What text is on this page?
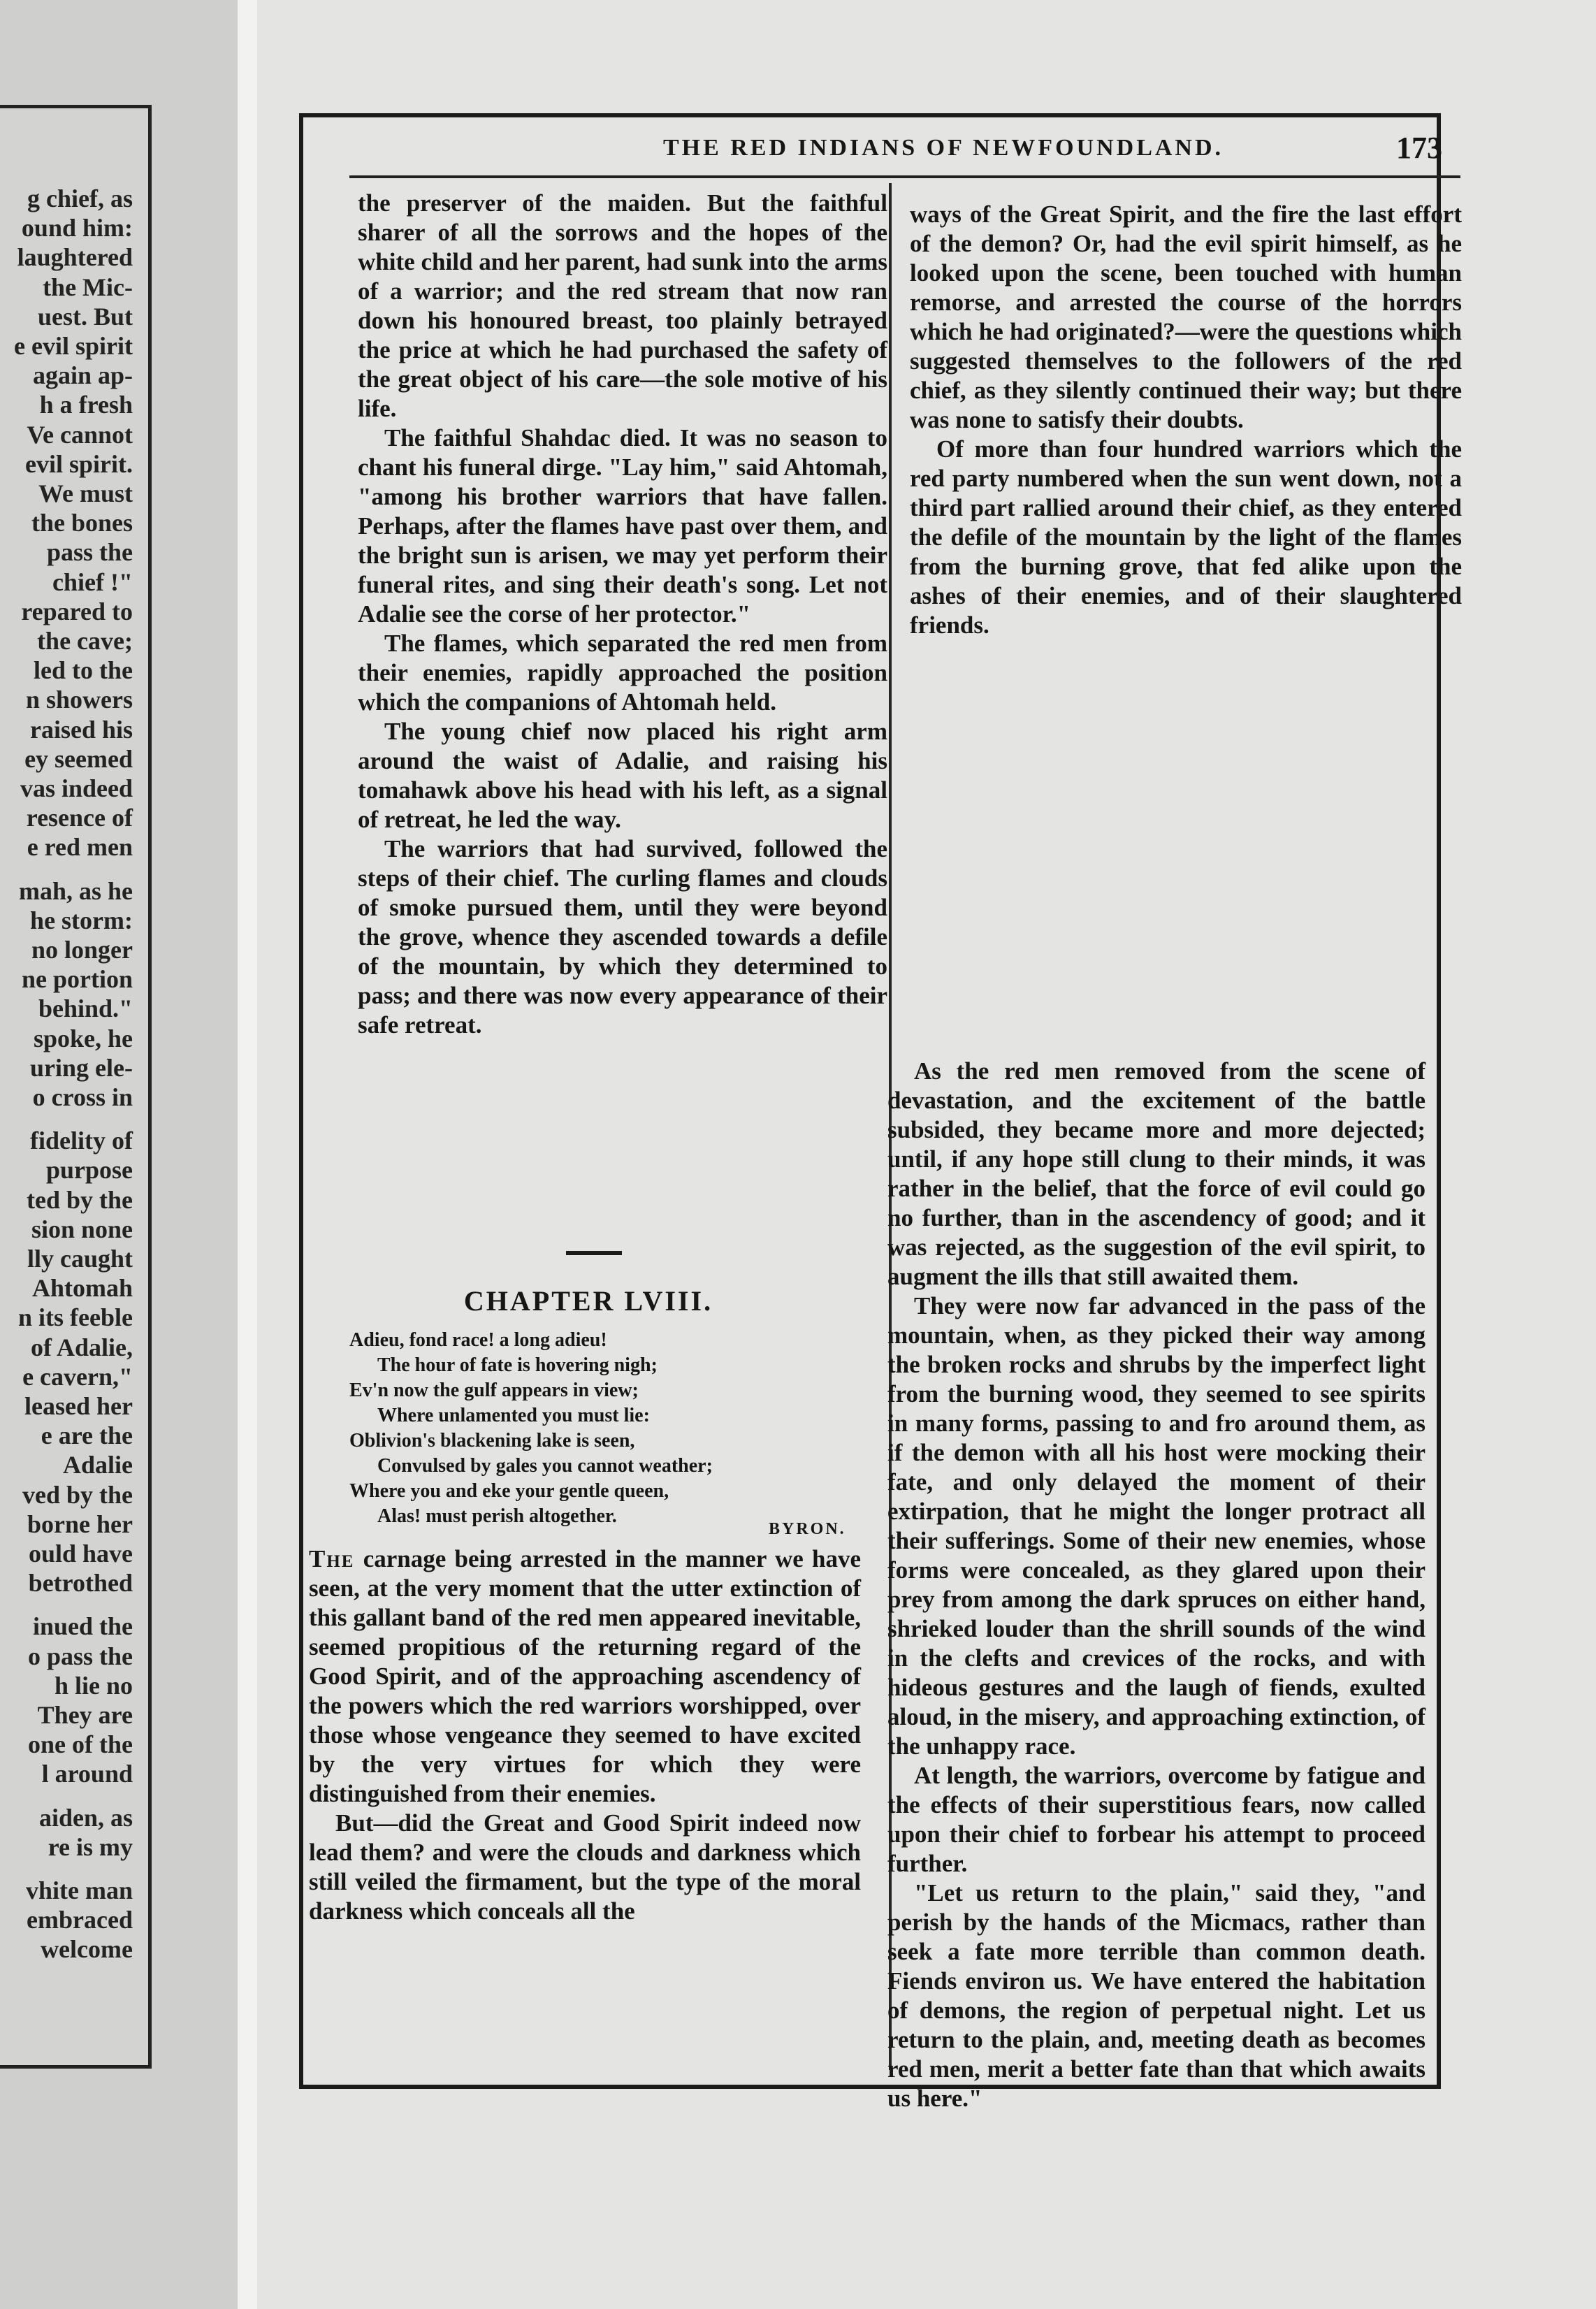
g chief, as
ound him:
laughtered
the Mic-
uest. But
e evil spirit
again ap-
h a fresh
Ve cannot
evil spirit.
We must
the bones
pass the
chief !"
repared to
the cave;
led to the
n showers
raised his
ey seemed
vas indeed
resence of
e red men
mah, as he
he storm:
no longer
ne portion
behind."
spoke, he
uring ele-
o cross in
fidelity of
purpose
ted by the
sion none
lly caught
Ahtomah
n its feeble
of Adalie,
e cavern,"
leased her
e are the
Adalie
ved by the
borne her
ould have
betrothed
inued the
o pass the
h lie no
They are
one of the
l around
aiden, as
re is my
vhite man
embraced
welcome
THE RED INDIANS OF NEWFOUNDLAND.	173

the preserver of the maiden. But the faithful sharer of all the sorrows and the hopes of the white child and her parent, had sunk into the arms of a warrior; and the red stream that now ran down his honoured breast, too plainly betrayed the price at which he had purchased the safety of the great object of his care—the sole motive of his life.

The faithful Shahdac died. It was no season to chant his funeral dirge. "Lay him," said Ahtomah, "among his brother warriors that have fallen. Perhaps, after the flames have past over them, and the bright sun is arisen, we may yet perform their funeral rites, and sing their death's song. Let not Adalie see the corse of her protector."

The flames, which separated the red men from their enemies, rapidly approached the position which the companions of Ahtomah held.

The young chief now placed his right arm around the waist of Adalie, and raising his tomahawk above his head with his left, as a signal of retreat, he led the way.

The warriors that had survived, followed the steps of their chief. The curling flames and clouds of smoke pursued them, until they were beyond the grove, whence they ascended towards a defile of the mountain, by which they determined to pass; and there was now every appearance of their safe retreat.

CHAPTER LVIII.
Adieu, fond race! a long adieu!
The hour of fate is hovering nigh;
Ev'n now the gulf appears in view;
Where unlamented you must lie:
Oblivion's blackening lake is seen,
Convulsed by gales you cannot weather;
Where you and eke your gentle queen,
Alas! must perish altogether.
BYRON.

The carnage being arrested in the manner we have seen, at the very moment that the utter extinction of this gallant band of the red men appeared inevitable, seemed propitious of the returning regard of the Good Spirit, and of the approaching ascendency of the powers which the red warriors worshipped, over those whose vengeance they seemed to have excited by the very virtues for which they were distinguished from their enemies.

But—did the Great and Good Spirit indeed now lead them? and were the clouds and darkness which still veiled the firmament, but the type of the moral darkness which conceals all the

ways of the Great Spirit, and the fire the last effort of the demon? Or, had the evil spirit himself, as he looked upon the scene, been touched with human remorse, and arrested the course of the horrors which he had originated?—were the questions which suggested themselves to the followers of the red chief, as they silently continued their way; but there was none to satisfy their doubts.

Of more than four hundred warriors which the red party numbered when the sun went down, not a third part rallied around their chief, as they entered the defile of the mountain by the light of the flames from the burning grove, that fed alike upon the ashes of their enemies, and of their slaughtered friends.

As the red men removed from the scene of devastation, and the excitement of the battle subsided, they became more and more dejected; until, if any hope still clung to their minds, it was rather in the belief, that the force of evil could go no further, than in the ascendency of good; and it was rejected, as the suggestion of the evil spirit, to augment the ills that still awaited them.

They were now far advanced in the pass of the mountain, when, as they picked their way among the broken rocks and shrubs by the imperfect light from the burning wood, they seemed to see spirits in many forms, passing to and fro around them, as if the demon with all his host were mocking their fate, and only delayed the moment of their extirpation, that he might the longer protract all their sufferings. Some of their new enemies, whose forms were concealed, as they glared upon their prey from among the dark spruces on either hand, shrieked louder than the shrill sounds of the wind in the clefts and crevices of the rocks, and with hideous gestures and the laugh of fiends, exulted aloud, in the misery, and approaching extinction, of the unhappy race.

At length, the warriors, overcome by fatigue and the effects of their superstitious fears, now called upon their chief to forbear his attempt to proceed further.

"Let us return to the plain," said they, "and perish by the hands of the Micmacs, rather than seek a fate more terrible than common death. Fiends environ us. We have entered the habitation of demons, the region of perpetual night. Let us return to the plain, and, meeting death as becomes red men, merit a better fate than that which awaits us here."
